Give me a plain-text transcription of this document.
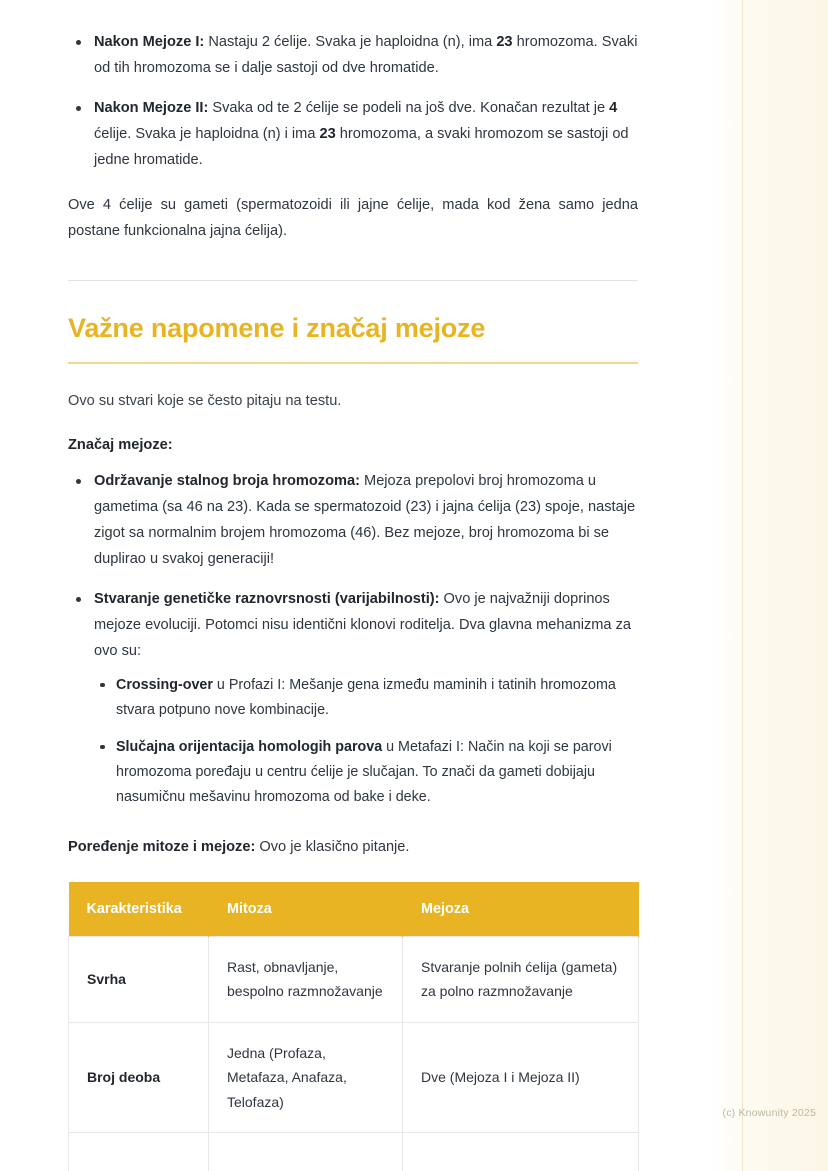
Nakon Mejoze I: Nastaju 2 ćelije. Svaka je haploidna (n), ima 23 hromozoma. Svaki od tih hromozoma se i dalje sastoji od dve hromatide.
Nakon Mejoze II: Svaka od te 2 ćelije se podeli na još dve. Konačan rezultat je 4 ćelije. Svaka je haploidna (n) i ima 23 hromozoma, a svaki hromozom se sastoji od jedne hromatide.

Ove 4 ćelije su gameti (spermatozoidi ili jajne ćelije, mada kod žena samo jedna postane funkcionalna jajna ćelija).

Važne napomene i značaj mejoze

Ovo su stvari koje se često pitaju na testu.

Značaj mejoze:
Održavanje stalnog broja hromozoma: Mejoza prepolovi broj hromozoma u gametima (sa 46 na 23). Kada se spermatozoid (23) i jajna ćelija (23) spoje, nastaje zigot sa normalnim brojem hromozoma (46). Bez mejoze, broj hromozoma bi se duplirao u svakoj generaciji!
Stvaranje genetičke raznovrsnosti (varijabilnosti): Ovo je najvažniji doprinos mejoze evoluciji. Potomci nisu identični klonovi roditelja. Dva glavna mehanizma za ovo su:
Crossing-over u Profazi I: Mešanje gena između maminih i tatinih hromozoma stvara potpuno nove kombinacije.
Slučajna orijentacija homologih parova u Metafazi I: Način na koji se parovi hromozoma poređaju u centru ćelije je slučajan. To znači da gameti dobijaju nasumičnu mešavinu hromozoma od bake i deke.

Poređenje mitoze i mejoze: Ovo je klasično pitanje.

Karakteristika	Mitoza	Mejoza
Svrha	Rast, obnavljanje, bespolno razmnožavanje	Stvaranje polnih ćelija (gameta) za polno razmnožavanje
Broj deoba	Jedna (Profaza, Metafaza, Anafaza, Telofaza)	Dve (Mejoza I i Mejoza II)

(c) Knowunity 2025
